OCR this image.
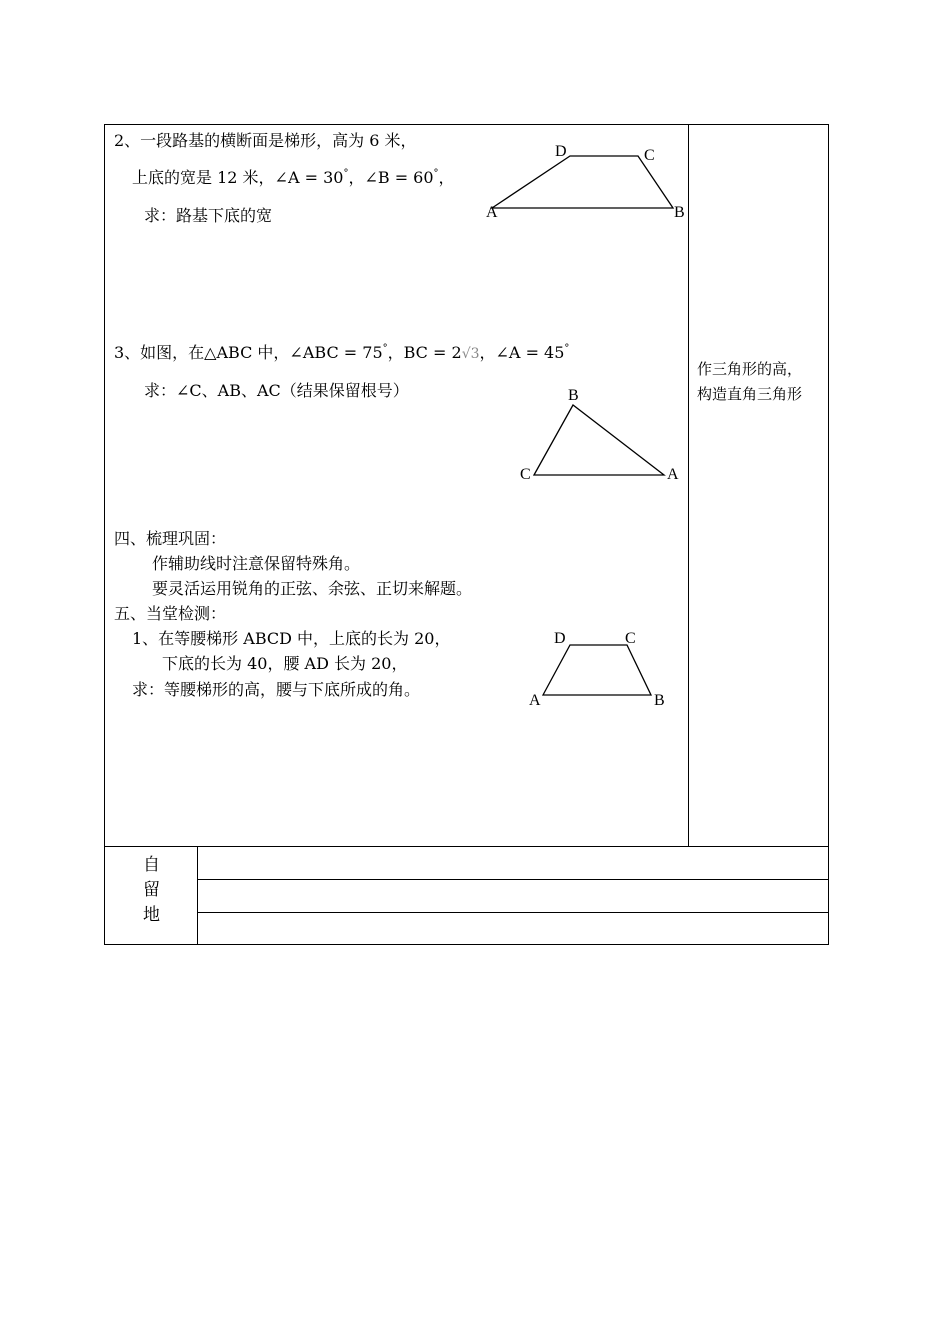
2、一段路基的横断面是梯形，高为 6 米，
上底的宽是 12 米，∠A = 30°，∠B = 60°，
求：路基下底的宽
3、如图，在△ABC 中，∠ABC = 75°，BC = 2√3，∠A = 45°
求：∠C、AB、AC（结果保留根号）
四、梳理巩固：
作辅助线时注意保留特殊角。
要灵活运用锐角的正弦、余弦、正切来解题。
五、当堂检测：
1、在等腰梯形 ABCD 中，上底的长为 20，
下底的长为 40，腰 AD 长为 20，
求：等腰梯形的高，腰与下底所成的角。
作三角形的高，
构造直角三角形
自
留
地
D	C
A	B
B
C	A
D	C
A	B
